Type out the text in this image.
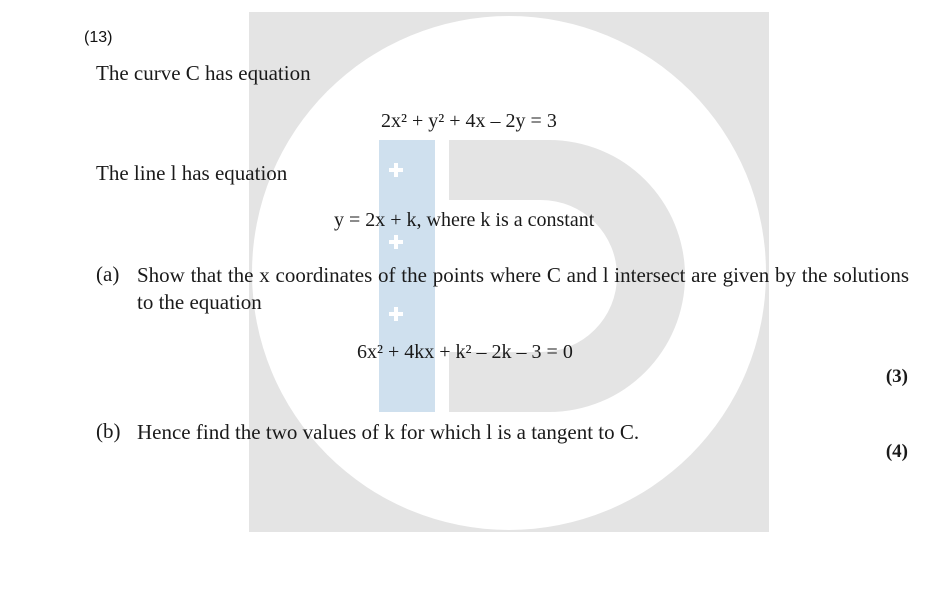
(13)
The curve C has equation
2x² + y² + 4x – 2y = 3
The line l has equation
y = 2x + k, where k is a constant
(a) Show that the x coordinates of the points where C and l intersect are given by the solutions to the equation
6x² + 4kx + k² – 2k – 3 = 0
(3)
(b) Hence find the two values of k for which l is a tangent to C.
(4)
